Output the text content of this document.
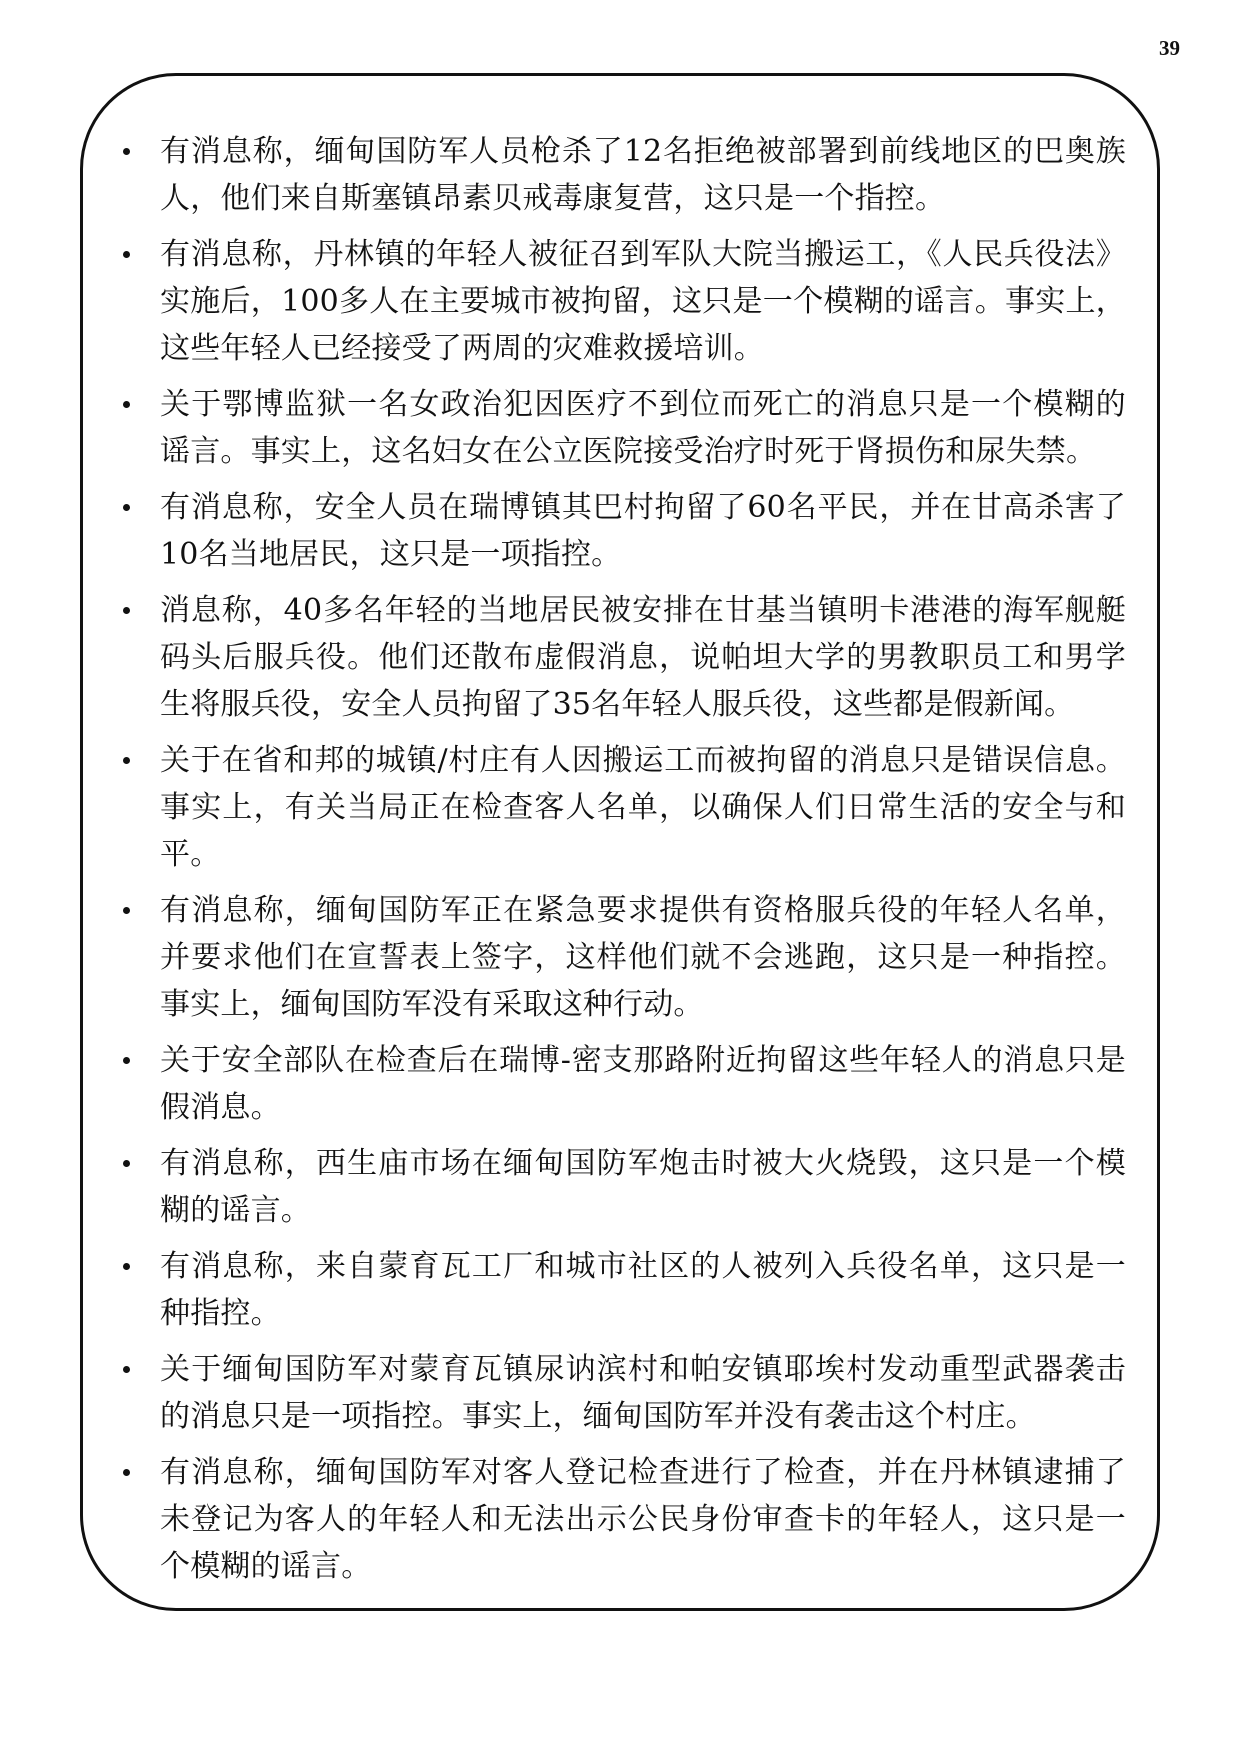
39
有消息称，缅甸国防军人员枪杀了12名拒绝被部署到前线地区的巴奥族人，他们来自斯塞镇昂素贝戒毒康复营，这只是一个指控。
有消息称，丹林镇的年轻人被征召到军队大院当搬运工，《人民兵役法》实施后，100多人在主要城市被拘留，这只是一个模糊的谣言。事实上，这些年轻人已经接受了两周的灾难救援培训。
关于鄂博监狱一名女政治犯因医疗不到位而死亡的消息只是一个模糊的谣言。事实上，这名妇女在公立医院接受治疗时死于肾损伤和尿失禁。
有消息称，安全人员在瑞博镇其巴村拘留了60名平民，并在甘高杀害了10名当地居民，这只是一项指控。
消息称，40多名年轻的当地居民被安排在甘基当镇明卡港港的海军舰艇码头后服兵役。他们还散布虚假消息，说帕坦大学的男教职员工和男学生将服兵役，安全人员拘留了35名年轻人服兵役，这些都是假新闻。
关于在省和邦的城镇/村庄有人因搬运工而被拘留的消息只是错误信息。事实上，有关当局正在检查客人名单，以确保人们日常生活的安全与和平。
有消息称，缅甸国防军正在紧急要求提供有资格服兵役的年轻人名单，并要求他们在宣誓表上签字，这样他们就不会逃跑，这只是一种指控。事实上，缅甸国防军没有采取这种行动。
关于安全部队在检查后在瑞博-密支那路附近拘留这些年轻人的消息只是假消息。
有消息称，西生庙市场在缅甸国防军炮击时被大火烧毁，这只是一个模糊的谣言。
有消息称，来自蒙育瓦工厂和城市社区的人被列入兵役名单，这只是一种指控。
关于缅甸国防军对蒙育瓦镇尿讷滨村和帕安镇耶埃村发动重型武器袭击的消息只是一项指控。事实上，缅甸国防军并没有袭击这个村庄。
有消息称，缅甸国防军对客人登记检查进行了检查，并在丹林镇逮捕了未登记为客人的年轻人和无法出示公民身份审查卡的年轻人，这只是一个模糊的谣言。
